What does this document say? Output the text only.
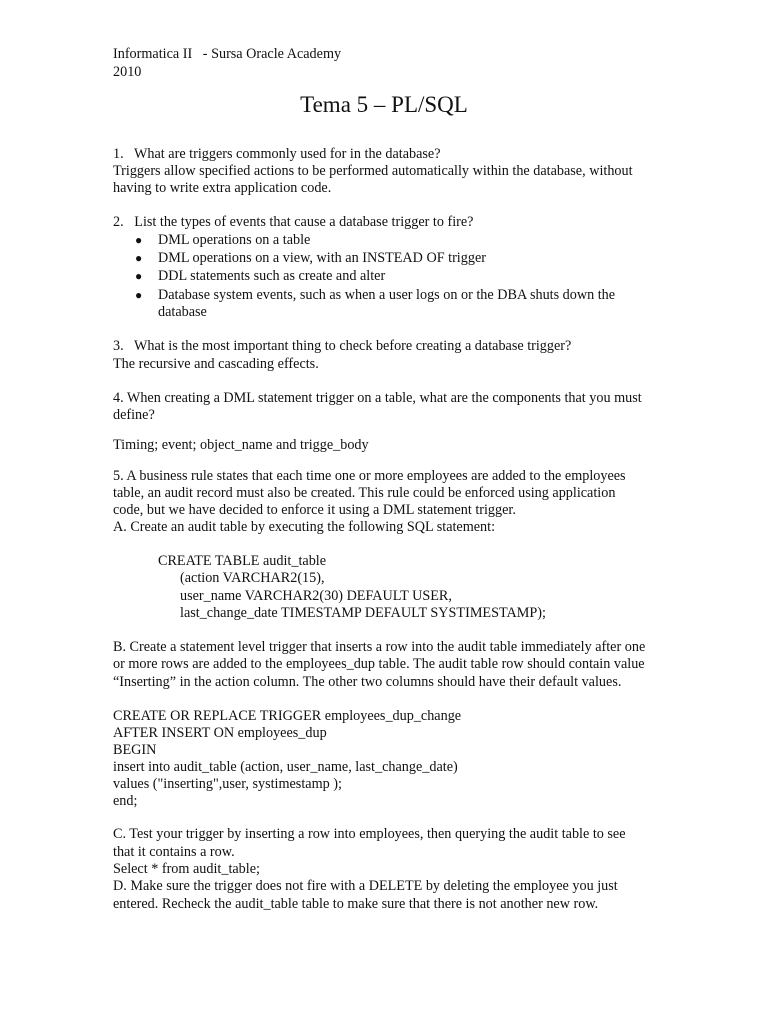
Informatica II   - Sursa Oracle Academy
2010
Tema 5 – PL/SQL
1.   What are triggers commonly used for in the database?
Triggers allow specified actions to be performed automatically within the database, without
having to write extra application code.
2.   List the types of events that cause a database trigger to fire?
● DML operations on a table
● DML operations on a view, with an INSTEAD OF trigger
● DDL statements such as create and alter
● Database system events, such as when a user logs on or the DBA shuts down the
database
3.   What is the most important thing to check before creating a database trigger?
The recursive and cascading effects.
4. When creating a DML statement trigger on a table, what are the components that you must
define?
Timing; event; object_name and trigge_body
5. A business rule states that each time one or more employees are added to the employees
table, an audit record must also be created. This rule could be enforced using application
code, but we have decided to enforce it using a DML statement trigger.
A. Create an audit table by executing the following SQL statement:
CREATE TABLE audit_table
(action VARCHAR2(15),
user_name VARCHAR2(30) DEFAULT USER,
last_change_date TIMESTAMP DEFAULT SYSTIMESTAMP);
B. Create a statement level trigger that inserts a row into the audit table immediately after one
or more rows are added to the employees_dup table. The audit table row should contain value
“Inserting” in the action column. The other two columns should have their default values.
CREATE OR REPLACE TRIGGER employees_dup_change
AFTER INSERT ON employees_dup
BEGIN
insert into audit_table (action, user_name, last_change_date)
values ("inserting",user, systimestamp );
end;
C. Test your trigger by inserting a row into employees, then querying the audit table to see
that it contains a row.
Select * from audit_table;
D. Make sure the trigger does not fire with a DELETE by deleting the employee you just
entered. Recheck the audit_table table to make sure that there is not another new row.
